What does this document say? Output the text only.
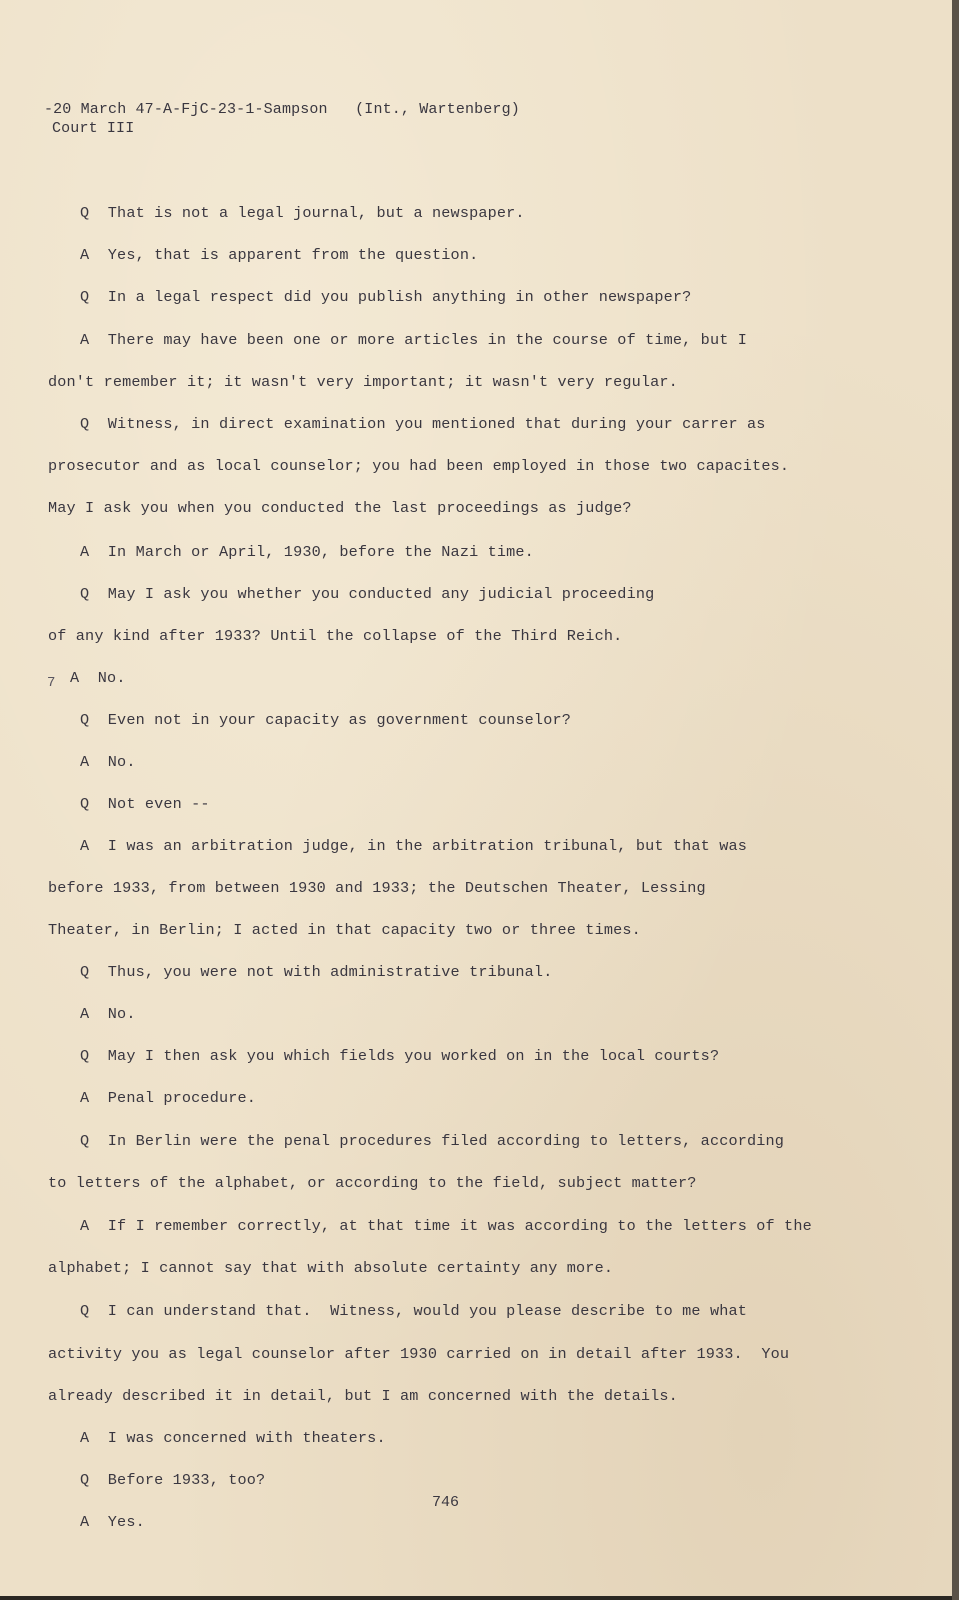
-20 March 47-A-FjC-23-1-Sampson   (Int., Wartenberg)
Court III
7
Q  That is not a legal journal, but a newspaper.
A  Yes, that is apparent from the question.
Q  In a legal respect did you publish anything in other newspaper?
A  There may have been one or more articles in the course of time, but I
don't remember it; it wasn't very important; it wasn't very regular.
Q  Witness, in direct examination you mentioned that during your carrer as
prosecutor and as local counselor; you had been employed in those two capacites.
May I ask you when you conducted the last proceedings as judge?
A  In March or April, 1930, before the Nazi time.
Q  May I ask you whether you conducted any judicial proceeding
of any kind after 1933? Until the collapse of the Third Reich.
A  No.
Q  Even not in your capacity as government counselor?
A  No.
Q  Not even --
A  I was an arbitration judge, in the arbitration tribunal, but that was
before 1933, from between 1930 and 1933; the Deutschen Theater, Lessing
Theater, in Berlin; I acted in that capacity two or three times.
Q  Thus, you were not with administrative tribunal.
A  No.
Q  May I then ask you which fields you worked on in the local courts?
A  Penal procedure.
Q  In Berlin were the penal procedures filed according to letters, according
to letters of the alphabet, or according to the field, subject matter?
A  If I remember correctly, at that time it was according to the letters of the
alphabet; I cannot say that with absolute certainty any more.
Q  I can understand that.  Witness, would you please describe to me what
activity you as legal counselor after 1930 carried on in detail after 1933.  You
already described it in detail, but I am concerned with the details.
A  I was concerned with theaters.
Q  Before 1933, too?
A  Yes.
746
